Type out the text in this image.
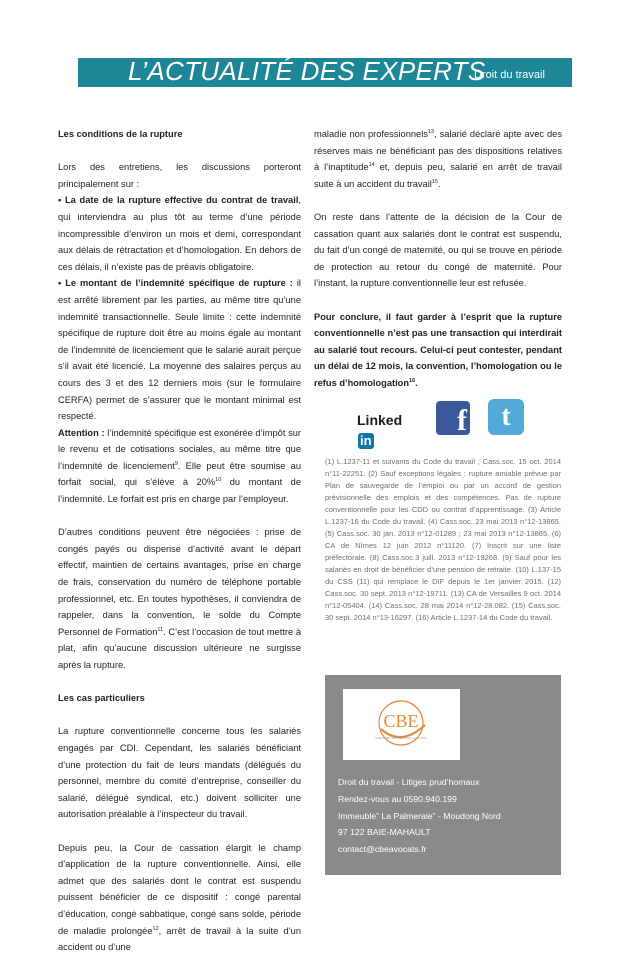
L’ACTUALITÉ DES EXPERTS
Droit du travail

Les conditions de la rupture

Lors des entretiens, les discussions porteront principalement sur :

• La date de la rupture effective du contrat de travail, qui interviendra au plus tôt au terme d’une période incompressible d’environ un mois et demi, correspondant aux délais de rétractation et d’homologation. En dehors de ces délais, il n’existe pas de préavis obligatoire.

• Le montant de l’indemnité spécifique de rupture : il est arrêté librement par les parties, au même titre qu’une indemnité transactionnelle. Seule limite : cette indemnité spécifique de rupture doit être au moins égale au montant de l’indemnité de licenciement que le salarié aurait perçue s’il avait été licencié. La moyenne des salaires perçus au cours des 3 et des 12 derniers mois (sur le formulaire CERFA) permet de s’assurer que le montant minimal est respecté.

Attention : l’indemnité spécifique est exonérée d’impôt sur le revenu et de cotisations sociales, au même titre que l’indemnité de licenciement$^9$. Elle peut être soumise au forfait social, qui s’élève à 20%$^{10}$ du montant de l’indemnité. Le forfait est pris en charge par l’employeur.

D’autres conditions peuvent être négociées : prise de congés payés ou dispense d’activité avant le départ effectif, maintien de certains avantages, prise en charge de frais, conservation du numéro de téléphone portable professionnel, etc. En toutes hypothèses, il conviendra de rappeler, dans la convention, le solde du Compte Personnel de Formation$^{11}$. C’est l’occasion de tout mettre à plat, afin qu’aucune discussion ultérieure ne surgisse après la rupture.

Les cas particuliers

La rupture conventionnelle concerne tous les salariés engagés par CDI. Cependant, les salariés bénéficiant d’une protection du fait de leurs mandats (délégués du personnel, membre du comité d’entreprise, conseiller du salarié, délégué syndical, etc.) doivent solliciter une autorisation préalable à l’inspecteur du travail.

Depuis peu, la Cour de cassation élargit le champ d’application de la rupture conventionnelle. Ainsi, elle admet que des salariés dont le contrat est suspendu puissent bénéficier de ce dispositif : congé parental d’éducation, congé sabbatique, congé sans solde, période de maladie prolongée$^{12}$, arrêt de travail à la suite d’un accident ou d’une

maladie non professionnels$^{13}$, salarié déclaré apte avec des réserves mais ne bénéficiant pas des dispositions relatives à l’inaptitude$^{14}$ et, depuis peu, salarié en arrêt de travail suite à un accident du travail$^{15}$.

On reste dans l’attente de la décision de la Cour de cassation quant aux salariés dont le contrat est suspendu, du fait d’un congé de maternité, ou qui se trouve en période de protection au retour du congé de maternité. Pour l’instant, la rupture conventionnelle leur est refusée.

Pour conclure, il faut garder à l’esprit que la rupture conventionnelle n’est pas une transaction qui interdirait au salarié tout recours. Celui-ci peut contester, pendant un délai de 12 mois, la convention, l’homologation ou le refus d’homologation$^{16}$.

Linkedin
f	t
(1) L.1237-11 et suivants du Code du travail ; Cass.soc. 15 oct. 2014 n°11-22251. (2) Sauf exceptions légales : rupture amiable prévue par Plan de sauvegarde de l’emploi ou par un accord de gestion prévisionnelle des emplois et des compétences. Pas de rupture conventionnelle pour les CDD ou contrat d’apprentissage. (3) Article L.1237-16 du Code du travail. (4) Cass.soc. 23 mai 2013 n°12-13865. (5) Cass.soc. 30 jan. 2013 n°12-01289 ; 23 mai 2013 n°12-13865. (6) CA de Nîmes 12 juin 2012 n°11120. (7) Inscrit sur une liste préfectorale. (8) Cass.soc.3 juill. 2013 n°12-19268. (9) Sauf pour les salariés en droit de bénéficier d’une pension de retraite. (10) L.137-15 du CSS (11) qui remplace le DIF depuis le 1er janvier 2015. (12) Cass.soc. 30 sept. 2013 n°12-19711. (13) CA de Versailles 9 oct. 2014 n°12-05404. (14) Cass.soc. 28 mai 2014 n°12-28.082. (15) Cass.soc. 30 sept. 2014 n°13-16297. (16) Article L.1237-14 du Code du travail.
CBE
Cabinet Bernard Bouchaud & Associés
Droit du travail - Litiges prud’homaux
Rendez-vous au 0590.940.199
Immeuble” La Palmeraie” - Moudong Nord
97 122 BAIE-MAHAULT
contact@cbeavocats.fr
